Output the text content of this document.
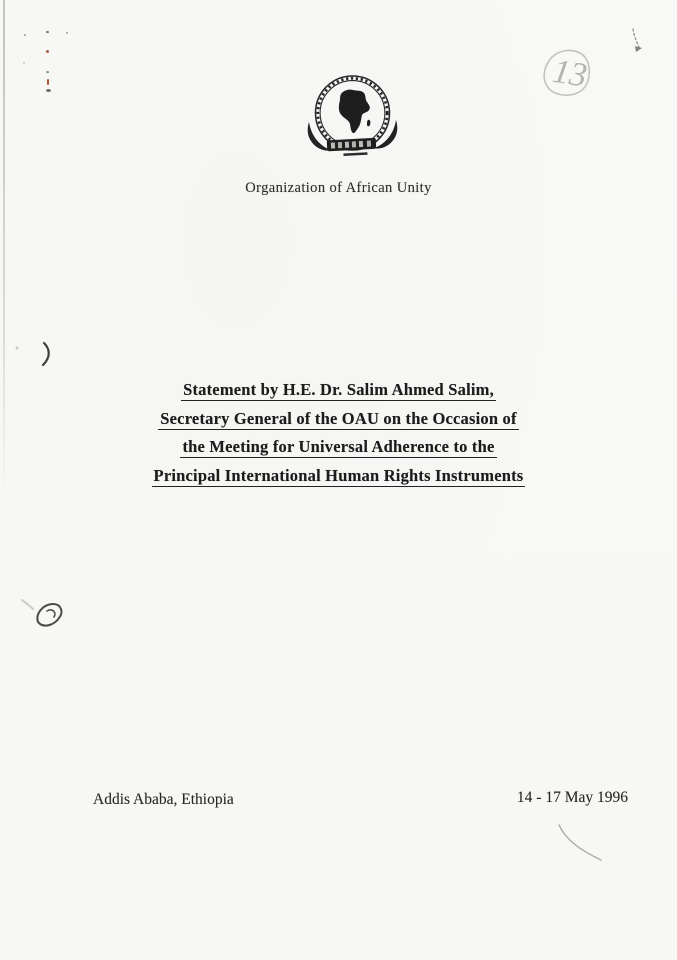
Organization of African Unity
Statement by H.E. Dr. Salim Ahmed Salim,
Secretary General of the OAU on the Occasion of
the Meeting for Universal Adherence to the
Principal International Human Rights Instruments
Addis Ababa, Ethiopia	14 - 17 May 1996
13
